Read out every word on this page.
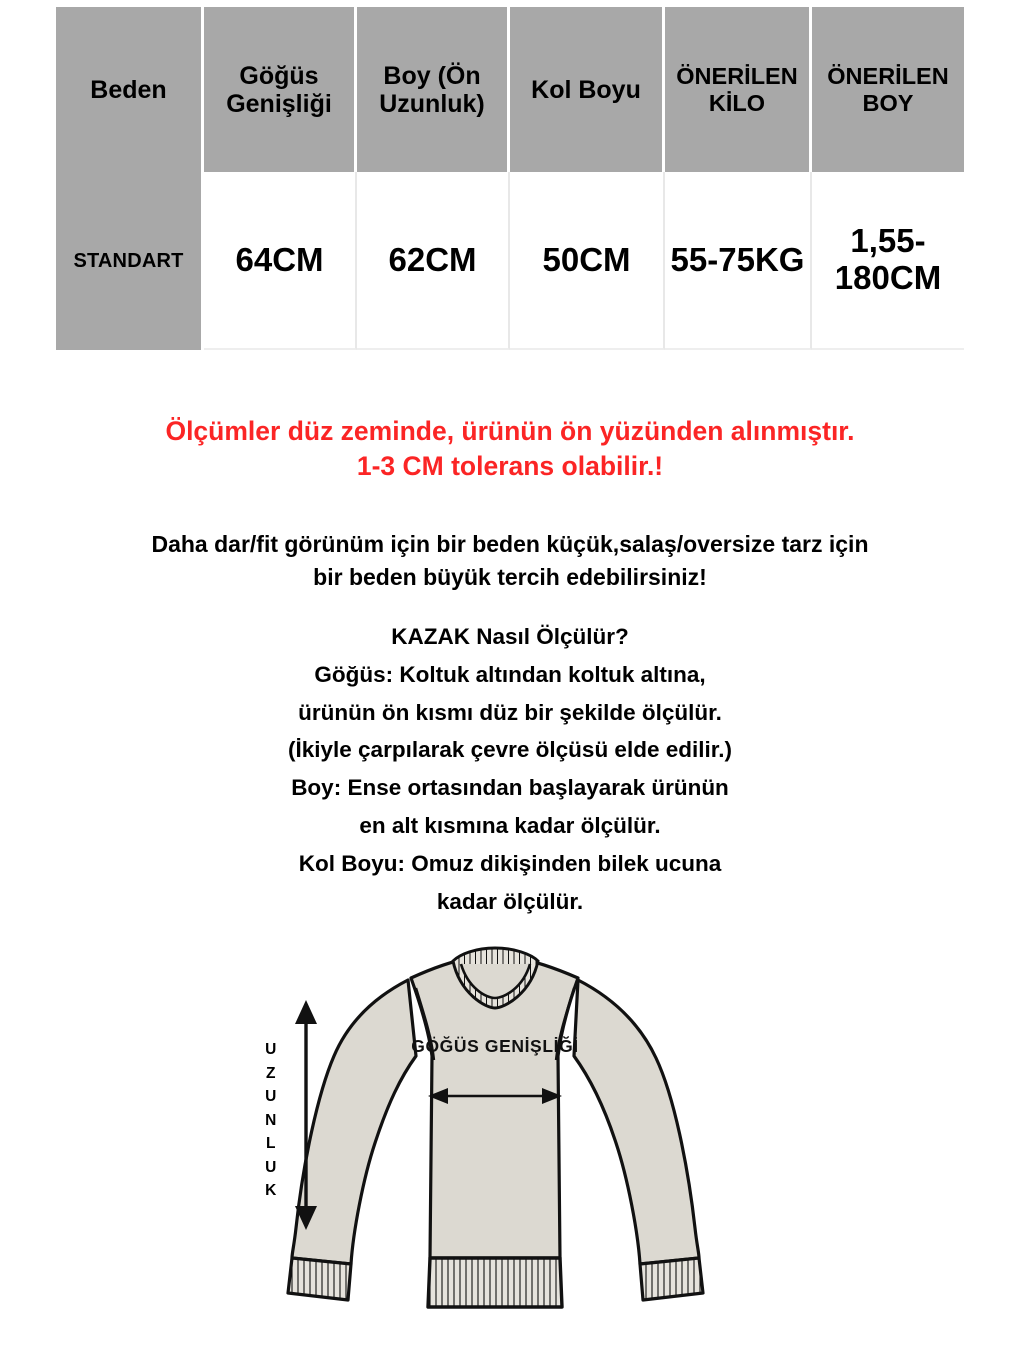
Beden	Göğüs Genişliği	Boy (Ön Uzunluk)	Kol Boyu	ÖNERİLEN KİLO	ÖNERİLEN BOY
STANDART	64CM	62CM	50CM	55-75KG	1,55-180CM
Ölçümler düz zeminde, ürünün ön yüzünden alınmıştır.
1-3 CM tolerans olabilir.!
Daha dar/fit görünüm için bir beden küçük,salaş/oversize tarz için
bir beden büyük tercih edebilirsiniz!
KAZAK Nasıl Ölçülür?
Göğüs: Koltuk altından koltuk altına,
ürünün ön kısmı düz bir şekilde ölçülür.
(İkiyle çarpılarak çevre ölçüsü elde edilir.)
Boy: Ense ortasından başlayarak ürünün
en alt kısmına kadar ölçülür.
Kol Boyu: Omuz dikişinden bilek ucuna
kadar ölçülür.
GÖĞÜS GENİŞLİĞİ
U
Z
U
N
L
U
K
